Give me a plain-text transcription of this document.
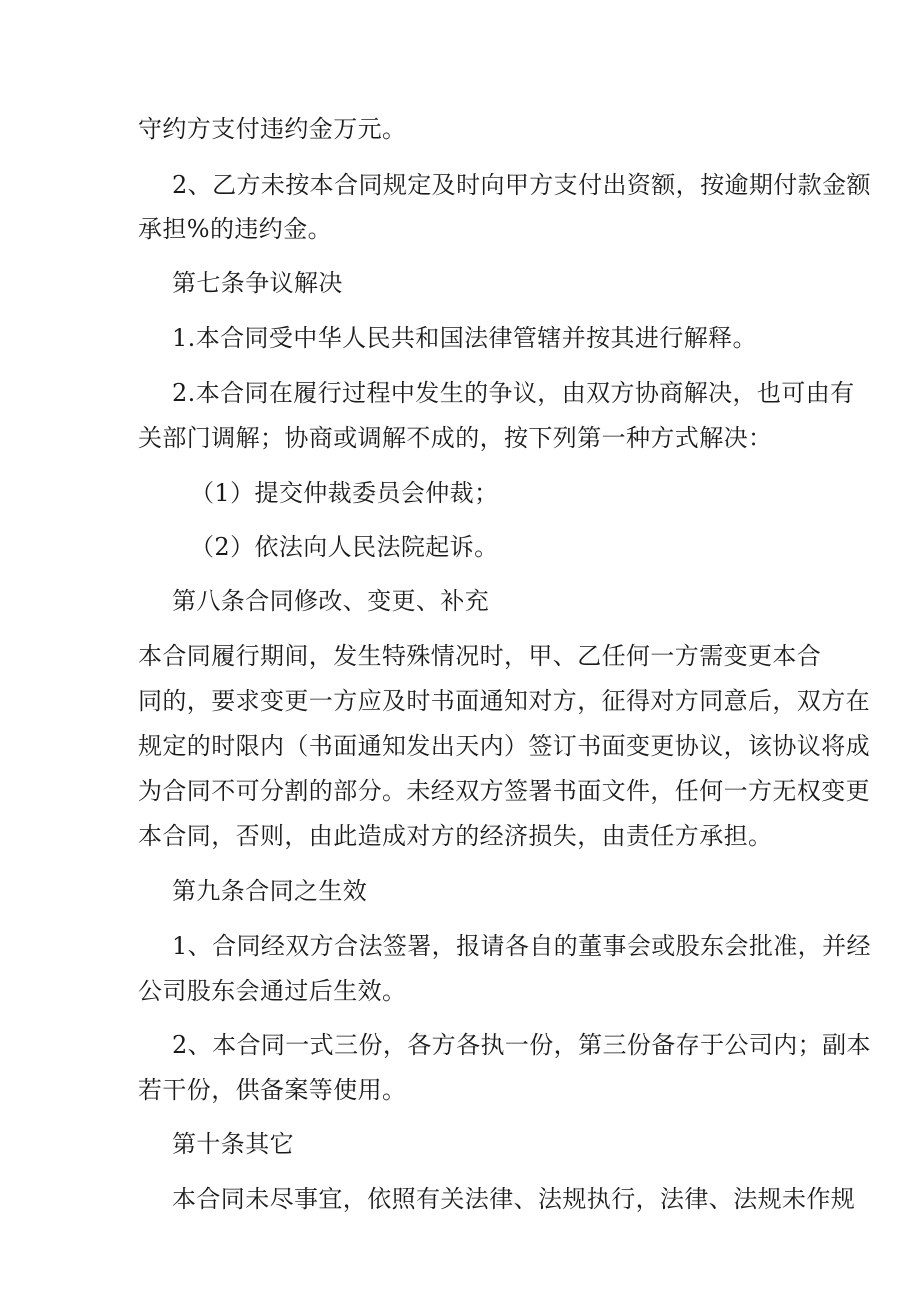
守约方支付违约金万元。
2、乙方未按本合同规定及时向甲方支付出资额，按逾期付款金额
承担%的违约金。
第七条争议解决
1.本合同受中华人民共和国法律管辖并按其进行解释。
2.本合同在履行过程中发生的争议，由双方协商解决，也可由有
关部门调解；协商或调解不成的，按下列第一种方式解决：
（1）提交仲裁委员会仲裁；
（2）依法向人民法院起诉。
第八条合同修改、变更、补充
本合同履行期间，发生特殊情况时，甲、乙任何一方需变更本合
同的，要求变更一方应及时书面通知对方，征得对方同意后，双方在
规定的时限内（书面通知发出天内）签订书面变更协议，该协议将成
为合同不可分割的部分。未经双方签署书面文件，任何一方无权变更
本合同，否则，由此造成对方的经济损失，由责任方承担。
第九条合同之生效
1、合同经双方合法签署，报请各自的董事会或股东会批准，并经
公司股东会通过后生效。
2、本合同一式三份，各方各执一份，第三份备存于公司内；副本
若干份，供备案等使用。
第十条其它
本合同未尽事宜，依照有关法律、法规执行，法律、法规未作规
